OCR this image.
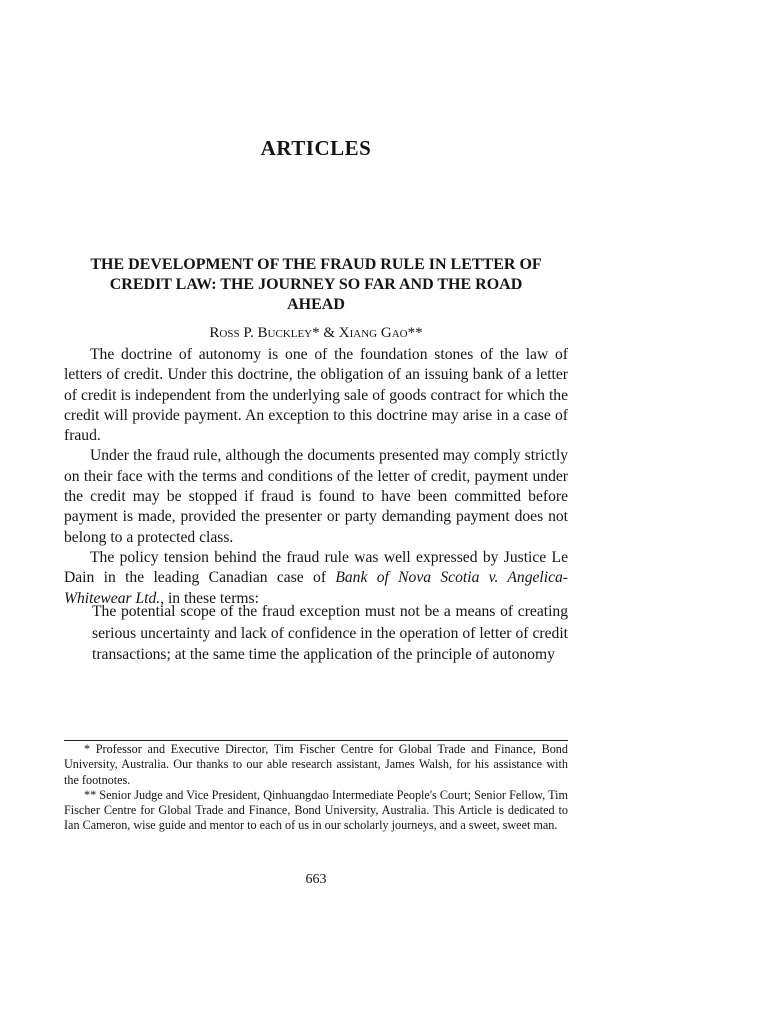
ARTICLES
THE DEVELOPMENT OF THE FRAUD RULE IN LETTER OF
CREDIT LAW: THE JOURNEY SO FAR AND THE ROAD
AHEAD
Ross P. Buckley* & Xiang Gao**

The doctrine of autonomy is one of the foundation stones of the law of letters of credit. Under this doctrine, the obligation of an issuing bank of a letter of credit is independent from the underlying sale of goods contract for which the credit will provide payment. An exception to this doctrine may arise in a case of fraud.

Under the fraud rule, although the documents presented may comply strictly on their face with the terms and conditions of the letter of credit, payment under the credit may be stopped if fraud is found to have been committed before payment is made, provided the presenter or party demanding payment does not belong to a protected class.

The policy tension behind the fraud rule was well expressed by Justice Le Dain in the leading Canadian case of Bank of Nova Scotia v. Angelica-Whitewear Ltd., in these terms:

The potential scope of the fraud exception must not be a means of creating serious uncertainty and lack of confidence in the operation of letter of credit transactions; at the same time the application of the principle of autonomy

* Professor and Executive Director, Tim Fischer Centre for Global Trade and Finance, Bond University, Australia. Our thanks to our able research assistant, James Walsh, for his assistance with the footnotes.

** Senior Judge and Vice President, Qinhuangdao Intermediate People's Court; Senior Fellow, Tim Fischer Centre for Global Trade and Finance, Bond University, Australia. This Article is dedicated to Ian Cameron, wise guide and mentor to each of us in our scholarly journeys, and a sweet, sweet man.

663
